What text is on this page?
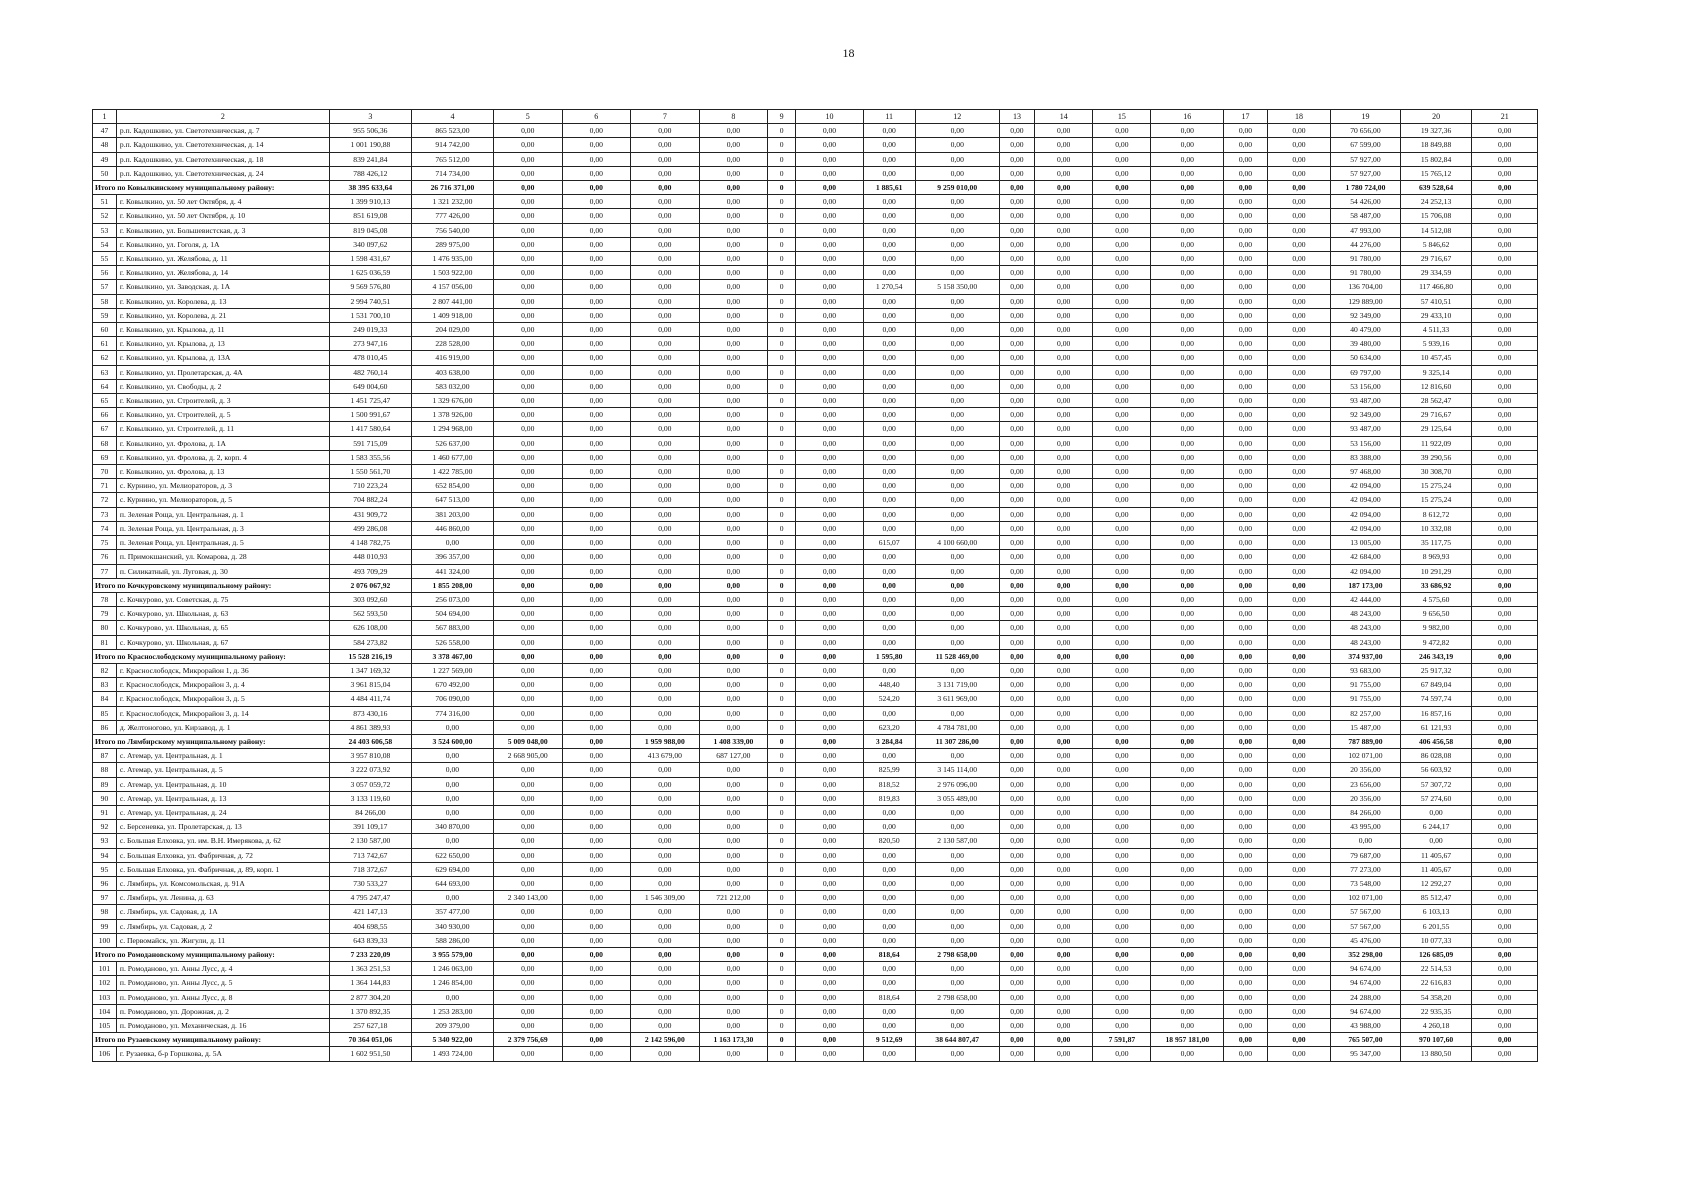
18
1	2	3	4	5	6	7	8	9	10	11	12	13	14	15	16	17	18	19	20	21
47	р.п. Кадошкино, ул. Светотехническая, д. 7	955 506,36	865 523,00	0,00	0,00	0,00	0,00	0	0,00	0,00	0,00	0,00	0,00	0,00	0,00	0,00	0,00	70 656,00	19 327,36	0,00
48	р.п. Кадошкино, ул. Светотехническая, д. 14	1 001 190,88	914 742,00	0,00	0,00	0,00	0,00	0	0,00	0,00	0,00	0,00	0,00	0,00	0,00	0,00	0,00	67 599,00	18 849,88	0,00
49	р.п. Кадошкино, ул. Светотехническая, д. 18	839 241,84	765 512,00	0,00	0,00	0,00	0,00	0	0,00	0,00	0,00	0,00	0,00	0,00	0,00	0,00	0,00	57 927,00	15 802,84	0,00
50	р.п. Кадошкино, ул. Светотехническая, д. 24	788 426,12	714 734,00	0,00	0,00	0,00	0,00	0	0,00	0,00	0,00	0,00	0,00	0,00	0,00	0,00	0,00	57 927,00	15 765,12	0,00
Итого по Ковылкинскому муниципальному району:		38 395 633,64	26 716 371,00	0,00	0,00	0,00	0,00	0	0,00	1 885,61	9 259 010,00	0,00	0,00	0,00	0,00	0,00	0,00	1 780 724,00	639 528,64	0,00
51	г. Ковылкино, ул. 50 лет Октября, д. 4	1 399 910,13	1 321 232,00	0,00	0,00	0,00	0,00	0	0,00	0,00	0,00	0,00	0,00	0,00	0,00	0,00	0,00	54 426,00	24 252,13	0,00
52	г. Ковылкино, ул. 50 лет Октября, д. 10	851 619,08	777 426,00	0,00	0,00	0,00	0,00	0	0,00	0,00	0,00	0,00	0,00	0,00	0,00	0,00	0,00	58 487,00	15 706,08	0,00
53	г. Ковылкино, ул. Большевистская, д. 3	819 045,08	756 540,00	0,00	0,00	0,00	0,00	0	0,00	0,00	0,00	0,00	0,00	0,00	0,00	0,00	0,00	47 993,00	14 512,08	0,00
54	г. Ковылкино, ул. Гоголя, д. 1А	340 097,62	289 975,00	0,00	0,00	0,00	0,00	0	0,00	0,00	0,00	0,00	0,00	0,00	0,00	0,00	0,00	44 276,00	5 846,62	0,00
55	г. Ковылкино, ул. Желябова, д. 11	1 598 431,67	1 476 935,00	0,00	0,00	0,00	0,00	0	0,00	0,00	0,00	0,00	0,00	0,00	0,00	0,00	0,00	91 780,00	29 716,67	0,00
56	г. Ковылкино, ул. Желябова, д. 14	1 625 036,59	1 503 922,00	0,00	0,00	0,00	0,00	0	0,00	0,00	0,00	0,00	0,00	0,00	0,00	0,00	0,00	91 780,00	29 334,59	0,00
57	г. Ковылкино, ул. Заводская, д. 1А	9 569 576,80	4 157 056,00	0,00	0,00	0,00	0,00	0	0,00	1 270,54	5 158 350,00	0,00	0,00	0,00	0,00	0,00	0,00	136 704,00	117 466,80	0,00
58	г. Ковылкино, ул. Королева, д. 13	2 994 740,51	2 807 441,00	0,00	0,00	0,00	0,00	0	0,00	0,00	0,00	0,00	0,00	0,00	0,00	0,00	0,00	129 889,00	57 410,51	0,00
59	г. Ковылкино, ул. Королева, д. 21	1 531 700,10	1 409 918,00	0,00	0,00	0,00	0,00	0	0,00	0,00	0,00	0,00	0,00	0,00	0,00	0,00	0,00	92 349,00	29 433,10	0,00
60	г. Ковылкино, ул. Крылова, д. 11	249 019,33	204 029,00	0,00	0,00	0,00	0,00	0	0,00	0,00	0,00	0,00	0,00	0,00	0,00	0,00	0,00	40 479,00	4 511,33	0,00
61	г. Ковылкино, ул. Крылова, д. 13	273 947,16	228 528,00	0,00	0,00	0,00	0,00	0	0,00	0,00	0,00	0,00	0,00	0,00	0,00	0,00	0,00	39 480,00	5 939,16	0,00
62	г. Ковылкино, ул. Крылова, д. 13А	478 010,45	416 919,00	0,00	0,00	0,00	0,00	0	0,00	0,00	0,00	0,00	0,00	0,00	0,00	0,00	0,00	50 634,00	10 457,45	0,00
63	г. Ковылкино, ул. Пролетарская, д. 4А	482 760,14	403 638,00	0,00	0,00	0,00	0,00	0	0,00	0,00	0,00	0,00	0,00	0,00	0,00	0,00	0,00	69 797,00	9 325,14	0,00
64	г. Ковылкино, ул. Свободы, д. 2	649 004,60	583 032,00	0,00	0,00	0,00	0,00	0	0,00	0,00	0,00	0,00	0,00	0,00	0,00	0,00	0,00	53 156,00	12 816,60	0,00
65	г. Ковылкино, ул. Строителей, д. 3	1 451 725,47	1 329 676,00	0,00	0,00	0,00	0,00	0	0,00	0,00	0,00	0,00	0,00	0,00	0,00	0,00	0,00	93 487,00	28 562,47	0,00
66	г. Ковылкино, ул. Строителей, д. 5	1 500 991,67	1 378 926,00	0,00	0,00	0,00	0,00	0	0,00	0,00	0,00	0,00	0,00	0,00	0,00	0,00	0,00	92 349,00	29 716,67	0,00
67	г. Ковылкино, ул. Строителей, д. 11	1 417 580,64	1 294 968,00	0,00	0,00	0,00	0,00	0	0,00	0,00	0,00	0,00	0,00	0,00	0,00	0,00	0,00	93 487,00	29 125,64	0,00
68	г. Ковылкино, ул. Фролова, д. 1А	591 715,09	526 637,00	0,00	0,00	0,00	0,00	0	0,00	0,00	0,00	0,00	0,00	0,00	0,00	0,00	0,00	53 156,00	11 922,09	0,00
69	г. Ковылкино, ул. Фролова, д. 2, корп. 4	1 583 355,56	1 460 677,00	0,00	0,00	0,00	0,00	0	0,00	0,00	0,00	0,00	0,00	0,00	0,00	0,00	0,00	83 388,00	39 290,56	0,00
70	г. Ковылкино, ул. Фролова, д. 13	1 550 561,70	1 422 785,00	0,00	0,00	0,00	0,00	0	0,00	0,00	0,00	0,00	0,00	0,00	0,00	0,00	0,00	97 468,00	30 308,70	0,00
71	с. Курнино, ул. Мелиораторов, д. 3	710 223,24	652 854,00	0,00	0,00	0,00	0,00	0	0,00	0,00	0,00	0,00	0,00	0,00	0,00	0,00	0,00	42 094,00	15 275,24	0,00
72	с. Курнино, ул. Мелиораторов, д. 5	704 882,24	647 513,00	0,00	0,00	0,00	0,00	0	0,00	0,00	0,00	0,00	0,00	0,00	0,00	0,00	0,00	42 094,00	15 275,24	0,00
73	п. Зеленая Роща, ул. Центральная, д. 1	431 909,72	381 203,00	0,00	0,00	0,00	0,00	0	0,00	0,00	0,00	0,00	0,00	0,00	0,00	0,00	0,00	42 094,00	8 612,72	0,00
74	п. Зеленая Роща, ул. Центральная, д. 3	499 286,08	446 860,00	0,00	0,00	0,00	0,00	0	0,00	0,00	0,00	0,00	0,00	0,00	0,00	0,00	0,00	42 094,00	10 332,08	0,00
75	п. Зеленая Роща, ул. Центральная, д. 5	4 148 782,75	0,00	0,00	0,00	0,00	0,00	0	0,00	615,07	4 100 660,00	0,00	0,00	0,00	0,00	0,00	0,00	13 005,00	35 117,75	0,00
76	п. Примокшанский, ул. Комарова, д. 28	448 010,93	396 357,00	0,00	0,00	0,00	0,00	0	0,00	0,00	0,00	0,00	0,00	0,00	0,00	0,00	0,00	42 684,00	8 969,93	0,00
77	п. Силикатный, ул. Луговая, д. 30	493 709,29	441 324,00	0,00	0,00	0,00	0,00	0	0,00	0,00	0,00	0,00	0,00	0,00	0,00	0,00	0,00	42 094,00	10 291,29	0,00
Итого по Кочкуровскому муниципальному району:		2 076 067,92	1 855 208,00	0,00	0,00	0,00	0,00	0	0,00	0,00	0,00	0,00	0,00	0,00	0,00	0,00	0,00	187 173,00	33 686,92	0,00
78	с. Кочкурово, ул. Советская, д. 75	303 092,60	256 073,00	0,00	0,00	0,00	0,00	0	0,00	0,00	0,00	0,00	0,00	0,00	0,00	0,00	0,00	42 444,00	4 575,60	0,00
79	с. Кочкурово, ул. Школьная, д. 63	562 593,50	504 694,00	0,00	0,00	0,00	0,00	0	0,00	0,00	0,00	0,00	0,00	0,00	0,00	0,00	0,00	48 243,00	9 656,50	0,00
80	с. Кочкурово, ул. Школьная, д. 65	626 108,00	567 883,00	0,00	0,00	0,00	0,00	0	0,00	0,00	0,00	0,00	0,00	0,00	0,00	0,00	0,00	48 243,00	9 982,00	0,00
81	с. Кочкурово, ул. Школьная, д. 67	584 273,82	526 558,00	0,00	0,00	0,00	0,00	0	0,00	0,00	0,00	0,00	0,00	0,00	0,00	0,00	0,00	48 243,00	9 472,82	0,00
Итого по Краснослободскому муниципальному району:		15 528 216,19	3 378 467,00	0,00	0,00	0,00	0,00	0	0,00	1 595,80	11 528 469,00	0,00	0,00	0,00	0,00	0,00	0,00	374 937,00	246 343,19	0,00
82	г. Краснослободск, Микрорайон 1, д. 36	1 347 169,32	1 227 569,00	0,00	0,00	0,00	0,00	0	0,00	0,00	0,00	0,00	0,00	0,00	0,00	0,00	0,00	93 683,00	25 917,32	0,00
83	г. Краснослободск, Микрорайон 3, д. 4	3 961 815,04	670 492,00	0,00	0,00	0,00	0,00	0	0,00	448,40	3 131 719,00	0,00	0,00	0,00	0,00	0,00	0,00	91 755,00	67 849,04	0,00
84	г. Краснослободск, Микрорайон 3, д. 5	4 484 411,74	706 090,00	0,00	0,00	0,00	0,00	0	0,00	524,20	3 611 969,00	0,00	0,00	0,00	0,00	0,00	0,00	91 755,00	74 597,74	0,00
85	г. Краснослободск, Микрорайон 3, д. 14	873 430,16	774 316,00	0,00	0,00	0,00	0,00	0	0,00	0,00	0,00	0,00	0,00	0,00	0,00	0,00	0,00	82 257,00	16 857,16	0,00
86	д. Желтоногово, ул. Кирзавод, д. 1	4 861 389,93	0,00	0,00	0,00	0,00	0,00	0	0,00	623,20	4 784 781,00	0,00	0,00	0,00	0,00	0,00	0,00	15 487,00	61 121,93	0,00
Итого по Лямбирскому муниципальному району:		24 403 606,58	3 524 600,00	5 009 048,00	0,00	1 959 988,00	1 408 339,00	0	0,00	3 284,84	11 307 286,00	0,00	0,00	0,00	0,00	0,00	0,00	787 889,00	406 456,58	0,00
87	с. Атемар, ул. Центральная, д. 1	3 957 810,08	0,00	2 668 905,00	0,00	413 679,00	687 127,00	0	0,00	0,00	0,00	0,00	0,00	0,00	0,00	0,00	0,00	102 071,00	86 028,08	0,00
88	с. Атемар, ул. Центральная, д. 5	3 222 073,92	0,00	0,00	0,00	0,00	0,00	0	0,00	825,99	3 145 114,00	0,00	0,00	0,00	0,00	0,00	0,00	20 356,00	56 603,92	0,00
89	с. Атемар, ул. Центральная, д. 10	3 057 059,72	0,00	0,00	0,00	0,00	0,00	0	0,00	818,52	2 976 096,00	0,00	0,00	0,00	0,00	0,00	0,00	23 656,00	57 307,72	0,00
90	с. Атемар, ул. Центральная, д. 13	3 133 119,60	0,00	0,00	0,00	0,00	0,00	0	0,00	819,83	3 055 489,00	0,00	0,00	0,00	0,00	0,00	0,00	20 356,00	57 274,60	0,00
91	с. Атемар, ул. Центральная, д. 24	84 266,00	0,00	0,00	0,00	0,00	0,00	0	0,00	0,00	0,00	0,00	0,00	0,00	0,00	0,00	0,00	84 266,00	0,00	0,00
92	с. Берсеневка, ул. Пролетарская, д. 13	391 109,17	340 870,00	0,00	0,00	0,00	0,00	0	0,00	0,00	0,00	0,00	0,00	0,00	0,00	0,00	0,00	43 995,00	6 244,17	0,00
93	с. Большая Елховка, ул. им. В.Н. Имерякова, д. 62	2 130 587,00	0,00	0,00	0,00	0,00	0,00	0	0,00	820,50	2 130 587,00	0,00	0,00	0,00	0,00	0,00	0,00	0,00	0,00	0,00
94	с. Большая Елховка, ул. Фабричная, д. 72	713 742,67	622 650,00	0,00	0,00	0,00	0,00	0	0,00	0,00	0,00	0,00	0,00	0,00	0,00	0,00	0,00	79 687,00	11 405,67	0,00
95	с. Большая Елховка, ул. Фабричная, д. 89, корп. 1	718 372,67	629 694,00	0,00	0,00	0,00	0,00	0	0,00	0,00	0,00	0,00	0,00	0,00	0,00	0,00	0,00	77 273,00	11 405,67	0,00
96	с. Лямбирь, ул. Комсомольская, д. 91А	730 533,27	644 693,00	0,00	0,00	0,00	0,00	0	0,00	0,00	0,00	0,00	0,00	0,00	0,00	0,00	0,00	73 548,00	12 292,27	0,00
97	с. Лямбирь, ул. Ленина, д. 63	4 795 247,47	0,00	2 340 143,00	0,00	1 546 309,00	721 212,00	0	0,00	0,00	0,00	0,00	0,00	0,00	0,00	0,00	0,00	102 071,00	85 512,47	0,00
98	с. Лямбирь, ул. Садовая, д. 1А	421 147,13	357 477,00	0,00	0,00	0,00	0,00	0	0,00	0,00	0,00	0,00	0,00	0,00	0,00	0,00	0,00	57 567,00	6 103,13	0,00
99	с. Лямбирь, ул. Садовая, д. 2	404 698,55	340 930,00	0,00	0,00	0,00	0,00	0	0,00	0,00	0,00	0,00	0,00	0,00	0,00	0,00	0,00	57 567,00	6 201,55	0,00
100	с. Первомайск, ул. Жигули, д. 11	643 839,33	588 286,00	0,00	0,00	0,00	0,00	0	0,00	0,00	0,00	0,00	0,00	0,00	0,00	0,00	0,00	45 476,00	10 077,33	0,00
Итого по Ромодановскому муниципальному району:		7 233 220,09	3 955 579,00	0,00	0,00	0,00	0,00	0	0,00	818,64	2 798 658,00	0,00	0,00	0,00	0,00	0,00	0,00	352 298,00	126 685,09	0,00
101	п. Ромоданово, ул. Анны Лусс, д. 4	1 363 251,53	1 246 063,00	0,00	0,00	0,00	0,00	0	0,00	0,00	0,00	0,00	0,00	0,00	0,00	0,00	0,00	94 674,00	22 514,53	0,00
102	п. Ромоданово, ул. Анны Лусс, д. 5	1 364 144,83	1 246 854,00	0,00	0,00	0,00	0,00	0	0,00	0,00	0,00	0,00	0,00	0,00	0,00	0,00	0,00	94 674,00	22 616,83	0,00
103	п. Ромоданово, ул. Анны Лусс, д. 8	2 877 304,20	0,00	0,00	0,00	0,00	0,00	0	0,00	818,64	2 798 658,00	0,00	0,00	0,00	0,00	0,00	0,00	24 288,00	54 358,20	0,00
104	п. Ромоданово, ул. Дорожная, д. 2	1 370 892,35	1 253 283,00	0,00	0,00	0,00	0,00	0	0,00	0,00	0,00	0,00	0,00	0,00	0,00	0,00	0,00	94 674,00	22 935,35	0,00
105	п. Ромоданово, ул. Механическая, д. 16	257 627,18	209 379,00	0,00	0,00	0,00	0,00	0	0,00	0,00	0,00	0,00	0,00	0,00	0,00	0,00	0,00	43 988,00	4 260,18	0,00
Итого по Рузаевскому муниципальному району:		70 364 051,06	5 340 922,00	2 379 756,69	0,00	2 142 596,00	1 163 173,30	0	0,00	9 512,69	38 644 807,47	0,00	0,00	7 591,87	18 957 181,00	0,00	0,00	765 507,00	970 107,60	0,00
106	г. Рузаевка, б-р Горшкова, д. 5А	1 602 951,50	1 493 724,00	0,00	0,00	0,00	0,00	0	0,00	0,00	0,00	0,00	0,00	0,00	0,00	0,00	0,00	95 347,00	13 880,50	0,00
